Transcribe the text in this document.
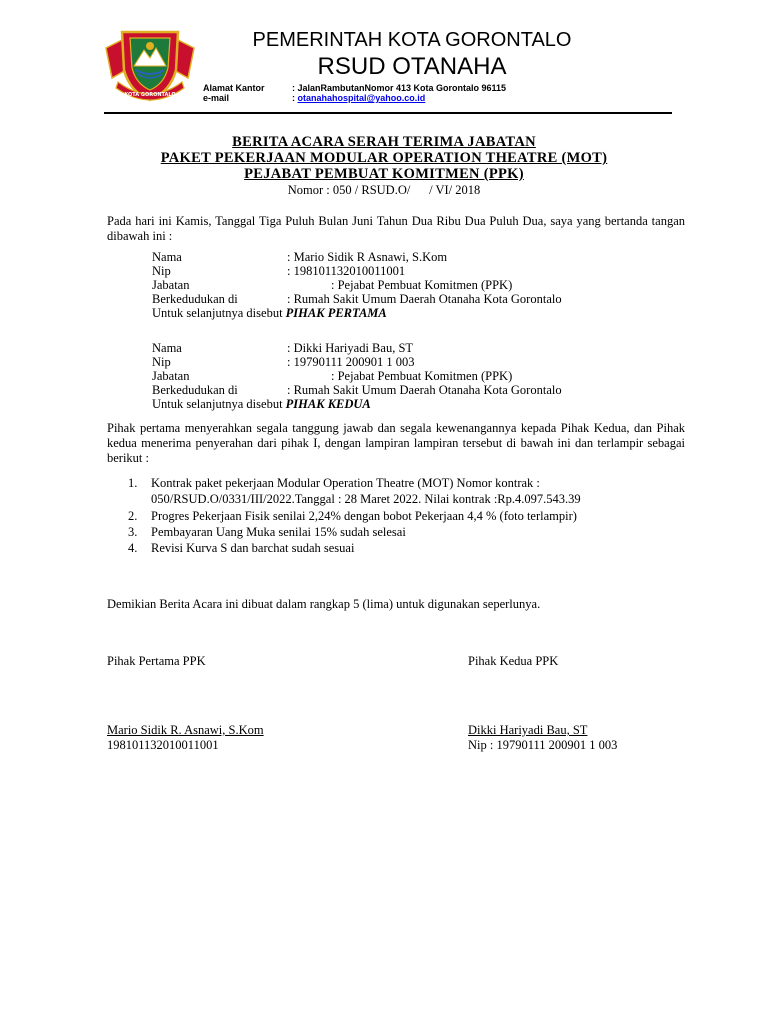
KOTA GORONTALO
PEMERINTAH KOTA GORONTALO
RSUD OTANAHA
Alamat Kantor	: JalanRambutanNomor 413 Kota Gorontalo 96115
e-mail	: otanahahospital@yahoo.co.id
BERITA ACARA SERAH TERIMA JABATAN
PAKET PEKERJAAN MODULAR OPERATION THEATRE (MOT)
PEJABAT PEMBUAT KOMITMEN (PPK)
Nomor : 050 / RSUD.O/      / VI/ 2018
Pada hari ini Kamis, Tanggal Tiga Puluh Bulan Juni Tahun Dua Ribu Dua Puluh Dua, saya yang bertanda tangan dibawah ini :
Nama	: Mario Sidik R Asnawi, S.Kom
Nip	: 198101132010011001
Jabatan	: Pejabat Pembuat Komitmen (PPK)
Berkedudukan di	: Rumah Sakit Umum Daerah Otanaha Kota Gorontalo
Untuk selanjutnya disebut PIHAK PERTAMA
Nama	: Dikki Hariyadi Bau, ST
Nip	: 19790111 200901 1 003
Jabatan	: Pejabat Pembuat Komitmen (PPK)
Berkedudukan di	: Rumah Sakit Umum Daerah Otanaha Kota Gorontalo
Untuk selanjutnya disebut PIHAK KEDUA
Pihak pertama menyerahkan segala tanggung jawab dan segala kewenangannya kepada Pihak Kedua, dan Pihak kedua menerima penyerahan dari pihak I, dengan lampiran lampiran tersebut di bawah ini dan terlampir sebagai berikut :
1. Kontrak paket pekerjaan Modular Operation Theatre (MOT) Nomor kontrak :
050/RSUD.O/0331/III/2022.Tanggal : 28 Maret 2022. Nilai kontrak :Rp.4.097.543.39
2. Progres Pekerjaan Fisik senilai 2,24% dengan bobot Pekerjaan 4,4 % (foto terlampir)
3. Pembayaran Uang Muka senilai 15% sudah selesai
4. Revisi Kurva S dan barchat sudah sesuai
Demikian Berita Acara ini dibuat dalam rangkap 5 (lima) untuk digunakan seperlunya.
Pihak Pertama PPK	Pihak Kedua PPK
Mario Sidik R. Asnawi, S.Kom	Dikki Hariyadi Bau, ST
198101132010011001	Nip : 19790111 200901 1 003
